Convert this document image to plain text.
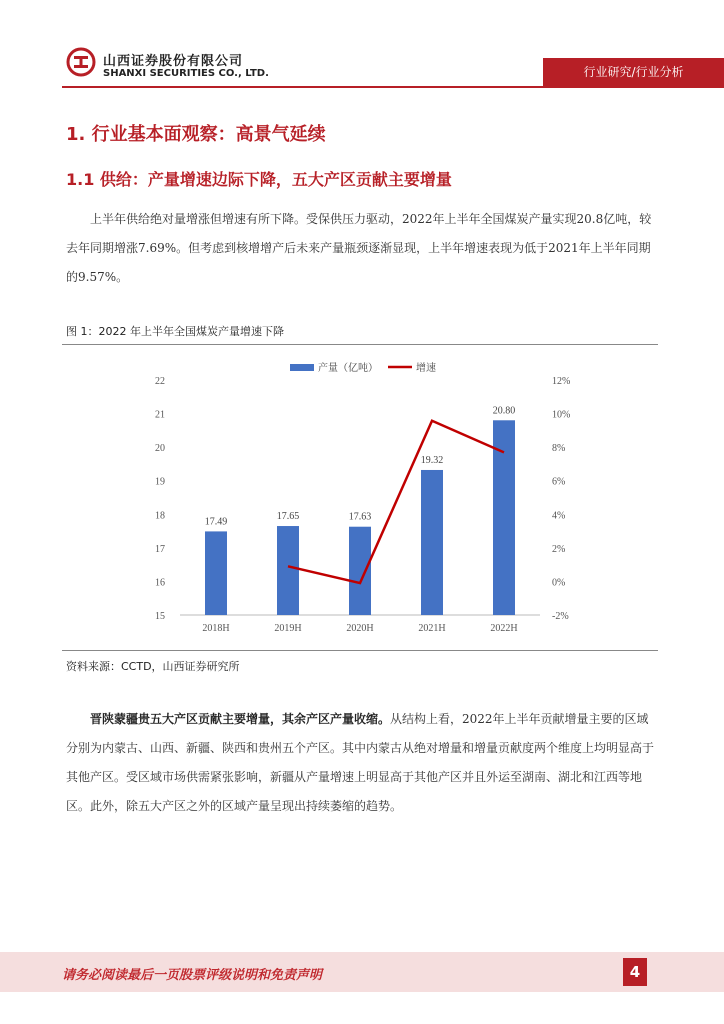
山西证券股份有限公司
SHANXI SECURITIES CO., LTD.	行业研究/行业分析
1. 行业基本面观察：高景气延续
1.1 供给：产量增速边际下降，五大产区贡献主要增量
上半年供给绝对量增涨但增速有所下降。受保供压力驱动，2022年上半年全国煤炭产量实现20.8亿吨，较去年同期增涨7.69%。但考虑到核增增产后未来产量瓶颈逐渐显现，上半年增速表现为低于2021年上半年同期的9.57%。
图 1：2022 年上半年全国煤炭产量增速下降
产量（亿吨）	增速
15
16
17
18
19
20
21
22
-2%
0%
2%
4%
6%
8%
10%
12%
17.49	17.65	17.63
19.32
20.80
2018H	2019H	2020H	2021H	2022H
资料来源：CCTD，山西证券研究所
晋陕蒙疆贵五大产区贡献主要增量，其余产区产量收缩。从结构上看，2022年上半年贡献增量主要的区域分别为内蒙古、山西、新疆、陕西和贵州五个产区。其中内蒙古从绝对增量和增量贡献度两个维度上均明显高于其他产区。受区域市场供需紧张影响，新疆从产量增速上明显高于其他产区并且外运至湖南、湖北和江西等地区。此外，除五大产区之外的区域产量呈现出持续萎缩的趋势。
请务必阅读最后一页股票评级说明和免责声明	4
